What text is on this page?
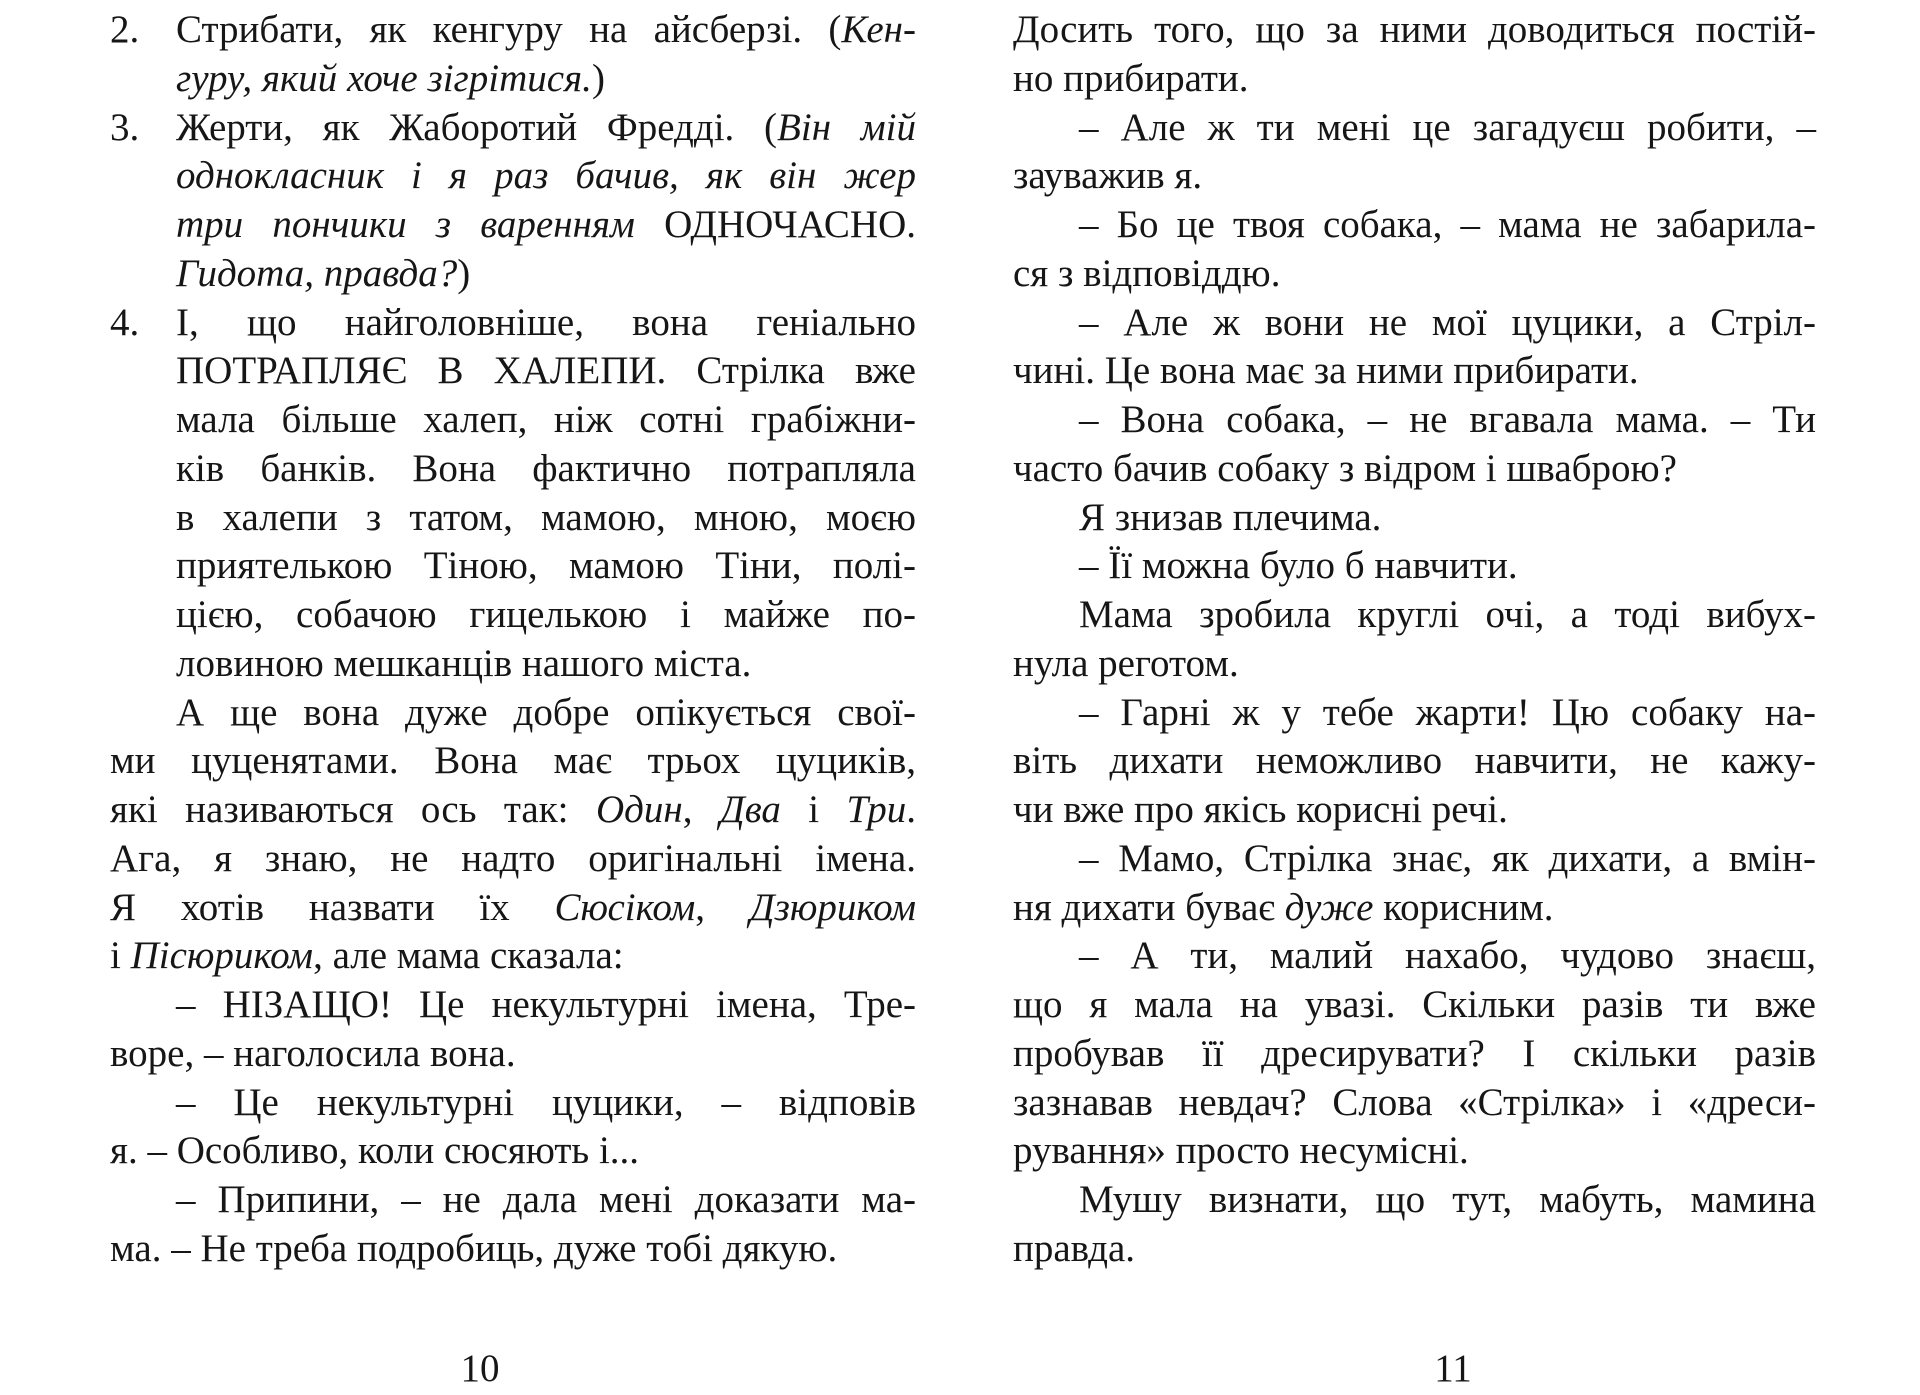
2. Стрибати, як кенгуру на айсберзі. (Кен-
гуру, який хоче зігрітися.)
3. Жерти, як Жаборотий Фредді. (Він мій
однокласник і я раз бачив, як він жер
три пончики з варенням ОДНОЧАСНО.
Гидота, правда?)
4. І, що найголовніше, вона геніально
ПОТРАПЛЯЄ В ХАЛЕПИ. Стрілка вже
мала більше халеп, ніж сотні грабіжни-
ків банків. Вона фактично потрапляла
в халепи з татом, мамою, мною, моєю
приятелькою Тіною, мамою Тіни, полі-
цією, собачою гицелькою і майже по-
ловиною мешканців нашого міста.
А ще вона дуже добре опікується свої-
ми цуценятами. Вона має трьох цуциків,
які називаються ось так: Один, Два і Три.
Ага, я знаю, не надто оригінальні імена.
Я хотів назвати їх Сюсіком, Дзюриком
і Пісюриком, але мама сказала:
– НІЗАЩО! Це некультурні імена, Тре-
воре, – наголосила вона.
– Це некультурні цуцики, – відповів
я. – Особливо, коли сюсяють і...
– Припини, – не дала мені доказати ма-
ма. – Не треба подробиць, дуже тобі дякую.
10
Досить того, що за ними доводиться постій-
но прибирати.
– Але ж ти мені це загадуєш робити, –
зауважив я.
– Бо це твоя собака, – мама не забарила-
ся з відповіддю.
– Але ж вони не мої цуцики, а Стріл-
чині. Це вона має за ними прибирати.
– Вона собака, – не вгавала мама. – Ти
часто бачив собаку з відром і шваброю?
Я знизав плечима.
– Її можна було б навчити.
Мама зробила круглі очі, а тоді вибух-
нула реготом.
– Гарні ж у тебе жарти! Цю собаку на-
віть дихати неможливо навчити, не кажу-
чи вже про якісь корисні речі.
– Мамо, Стрілка знає, як дихати, а вмін-
ня дихати буває дуже корисним.
– А ти, малий нахабо, чудово знаєш,
що я мала на увазі. Скільки разів ти вже
пробував її дресирувати? І скільки разів
зазнавав невдач? Слова «Стрілка» і «дреси-
рування» просто несумісні.
Мушу визнати, що тут, мабуть, мамина
правда.
11
